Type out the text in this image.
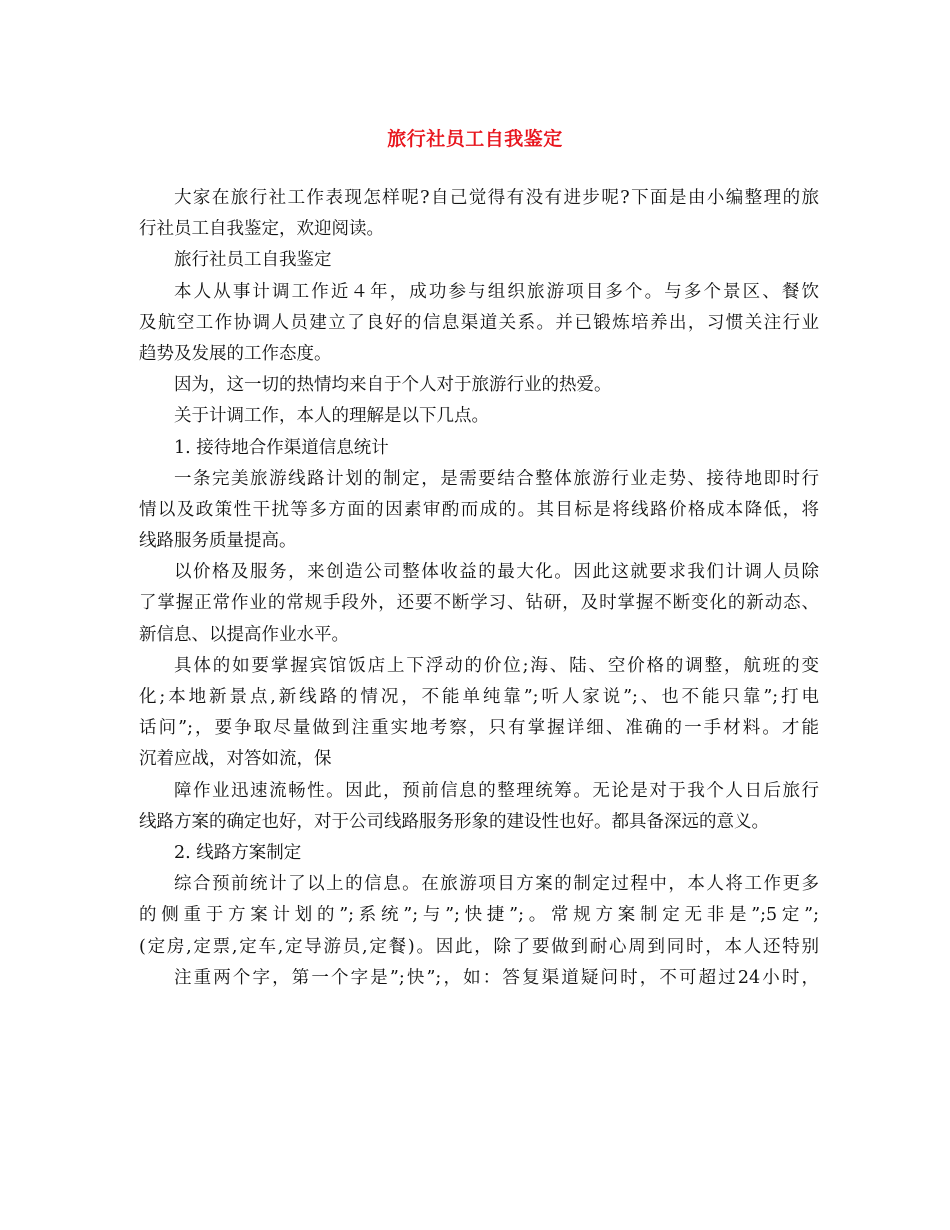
旅行社员工自我鉴定
大家在旅行社工作表现怎样呢?自己觉得有没有进步呢?下面是由小编整理的旅
行社员工自我鉴定，欢迎阅读。
旅行社员工自我鉴定
本人从事计调工作近４年，成功参与组织旅游项目多个。与多个景区、餐饮
及航空工作协调人员建立了良好的信息渠道关系。并已锻炼培养出，习惯关注行业
趋势及发展的工作态度。
因为，这一切的热情均来自于个人对于旅游行业的热爱。
关于计调工作，本人的理解是以下几点。
1. 接待地合作渠道信息统计
一条完美旅游线路计划的制定，是需要结合整体旅游行业走势、接待地即时行
情以及政策性干扰等多方面的因素审酌而成的。其目标是将线路价格成本降低，将
线路服务质量提高。
以价格及服务，来创造公司整体收益的最大化。因此这就要求我们计调人员除
了掌握正常作业的常规手段外，还要不断学习、钻研，及时掌握不断变化的新动态、
新信息、以提高作业水平。
具体的如要掌握宾馆饭店上下浮动的价位;海、陆、空价格的调整，航班的变
化;本地新景点,新线路的情况，不能单纯靠”;听人家说”;、也不能只靠”;打电
话问”;，要争取尽量做到注重实地考察，只有掌握详细、准确的一手材料。才能
沉着应战，对答如流，保
障作业迅速流畅性。因此，预前信息的整理统筹。无论是对于我个人日后旅行
线路方案的确定也好，对于公司线路服务形象的建设性也好。都具备深远的意义。
2. 线路方案制定
综合预前统计了以上的信息。在旅游项目方案的制定过程中，本人将工作更多
的侧重于方案计划的”;系统”;与”;快捷”;。常规方案制定无非是”;5定”;
(定房,定票,定车,定导游员,定餐)。因此，除了要做到耐心周到同时，本人还特别
注重两个字，第一个字是”;快”;，如：答复渠道疑问时，不可超过24小时，
